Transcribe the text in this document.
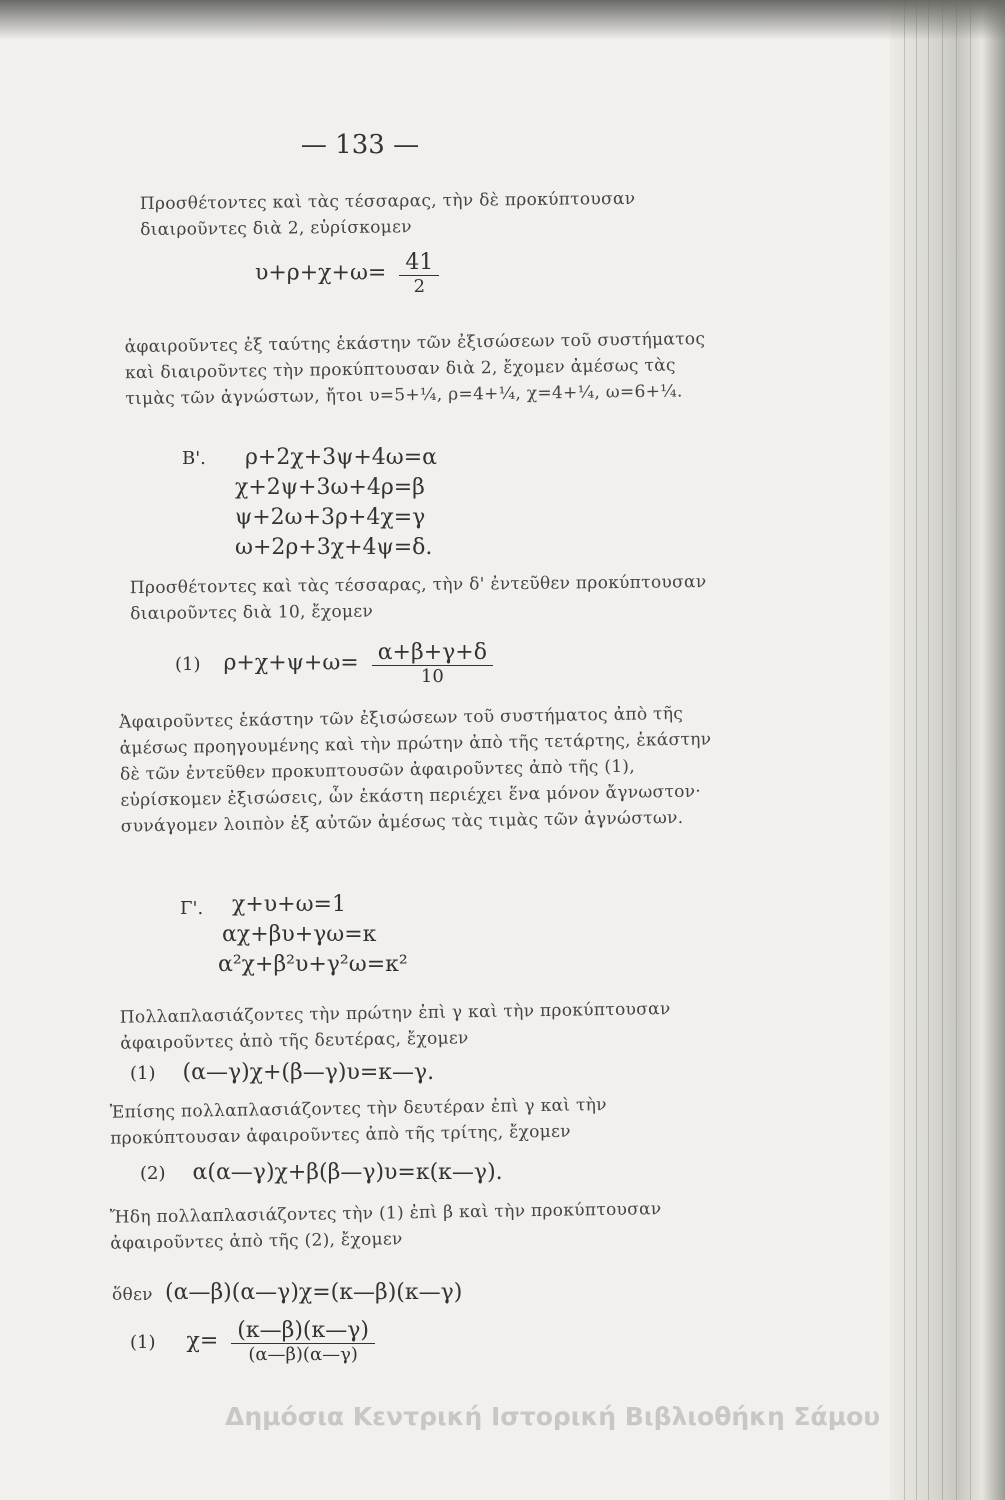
— 133 —

Προσθέτοντες καὶ τὰς τέσσαρας, τὴν δὲ προκύπτουσαν διαιροῦντες διὰ 2, εὑρίσκομεν

$\upsilon+\rho+\chi+\omega= \frac{41}{2}$

ἀφαιροῦντες ἐξ ταύτης ἑκάστην τῶν ἐξισώσεων τοῦ συστήματος καὶ διαιροῦντες τὴν προκύπτουσαν διὰ 2, ἔχομεν ἀμέσως τὰς τιμὰς τῶν ἀγνώστων, ἤτοι υ=5+¼, ρ=4+¼, χ=4+¼, ω=6+¼.

Β'. ρ+2χ+3ψ+4ω=α
χ+2ψ+3ω+4ρ=β
ψ+2ω+3ρ+4χ=γ
ω+2ρ+3χ+4ψ=δ.

Προσθέτοντες καὶ τὰς τέσσαρας, τὴν δ' ἐντεῦθεν προκύπτουσαν διαιροῦντες διὰ 10, ἔχομεν

(1) $\rho+\chi+\psi+\omega= \frac{\alpha+\beta+\gamma+\delta}{10}$

Ἀφαιροῦντες ἑκάστην τῶν ἐξισώσεων τοῦ συστήματος ἀπὸ τῆς ἀμέσως προηγουμένης καὶ τὴν πρώτην ἀπὸ τῆς τετάρτης, ἑκάστην δὲ τῶν ἐντεῦθεν προκυπτουσῶν ἀφαιροῦντες ἀπὸ τῆς (1), εὑρίσκομεν ἐξισώσεις, ὧν ἑκάστη περιέχει ἕνα μόνον ἄγνωστον· συνάγομεν λοιπὸν ἐξ αὐτῶν ἀμέσως τὰς τιμὰς τῶν ἀγνώστων.

Γ'. χ+υ+ω=1
αχ+βυ+γω=κ
α²χ+β²υ+γ²ω=κ²

Πολλαπλασιάζοντες τὴν πρώτην ἐπὶ γ καὶ τὴν προκύπτουσαν ἀφαιροῦντες ἀπὸ τῆς δευτέρας, ἔχομεν

(1) (α—γ)χ+(β—γ)υ=κ—γ.

Ἐπίσης πολλαπλασιάζοντες τὴν δευτέραν ἐπὶ γ καὶ τὴν προκύπτουσαν ἀφαιροῦντες ἀπὸ τῆς τρίτης, ἔχομεν

(2) α(α—γ)χ+β(β—γ)υ=κ(κ—γ).

Ἤδη πολλαπλασιάζοντες τὴν (1) ἐπὶ β καὶ τὴν προκύπτουσαν ἀφαιροῦντες ἀπὸ τῆς (2), ἔχομεν

ὅθεν (α—β)(α—γ)χ=(κ—β)(κ—γ)
(1) $\chi= \frac{(\kappa—\beta)(\kappa—\gamma)}{(\alpha—\beta)(\alpha—\gamma)}$
Δημόσια Κεντρική Ιστορική Βιβλιοθήκη Σάμου
